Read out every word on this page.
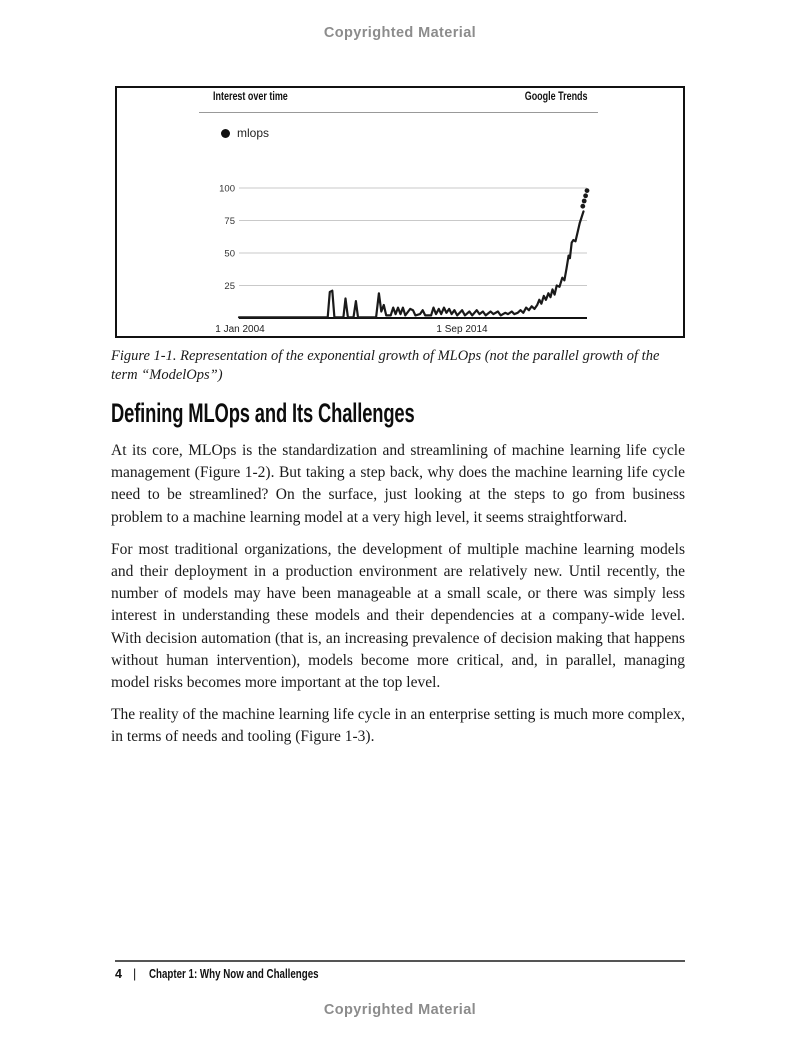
Copyrighted Material
Interest over time	Google Trends
mlops
100
75
50
25
1 Jan 2004	1 Sep 2014

Figure 1-1. Representation of the exponential growth of MLOps (not the parallel growth of the term “ModelOps”)

Defining MLOps and Its Challenges

At its core, MLOps is the standardization and streamlining of machine learning life cycle management (Figure 1-2). But taking a step back, why does the machine learning life cycle need to be streamlined? On the surface, just looking at the steps to go from business problem to a machine learning model at a very high level, it seems straightforward.

For most traditional organizations, the development of multiple machine learning models and their deployment in a production environment are relatively new. Until recently, the number of models may have been manageable at a small scale, or there was simply less interest in understanding these models and their dependencies at a company-wide level. With decision automation (that is, an increasing prevalence of decision making that happens without human intervention), models become more critical, and, in parallel, managing model risks becomes more important at the top level.

The reality of the machine learning life cycle in an enterprise setting is much more complex, in terms of needs and tooling (Figure 1-3).

4 | Chapter 1: Why Now and Challenges
Copyrighted Material
